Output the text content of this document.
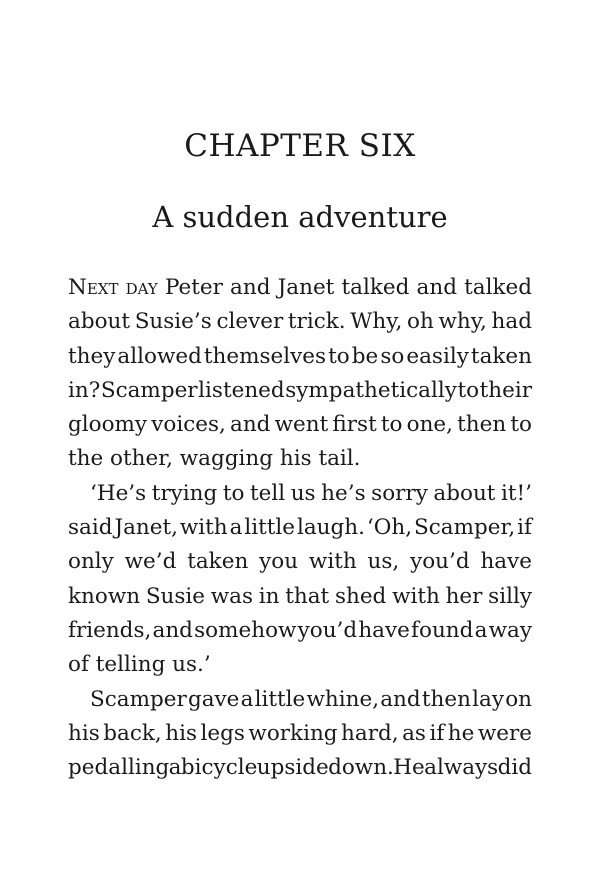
CHAPTER SIX
A sudden adventure
Next day Peter and Janet talked and talked
about Susie’s clever trick. Why, oh why, had
they allowed themselves to be so easily taken
in? Scamper listened sympathetically to their
gloomy voices, and went first to one, then to
the other, wagging his tail.
‘He’s trying to tell us he’s sorry about it!’
said Janet, with a little laugh. ‘Oh, Scamper, if
only we’d taken you with us, you’d have
known Susie was in that shed with her silly
friends, and somehow you’d have found a way
of telling us.’
Scamper gave a little whine, and then lay on
his back, his legs working hard, as if he were
pedalling a bicycle upside down. He always did
